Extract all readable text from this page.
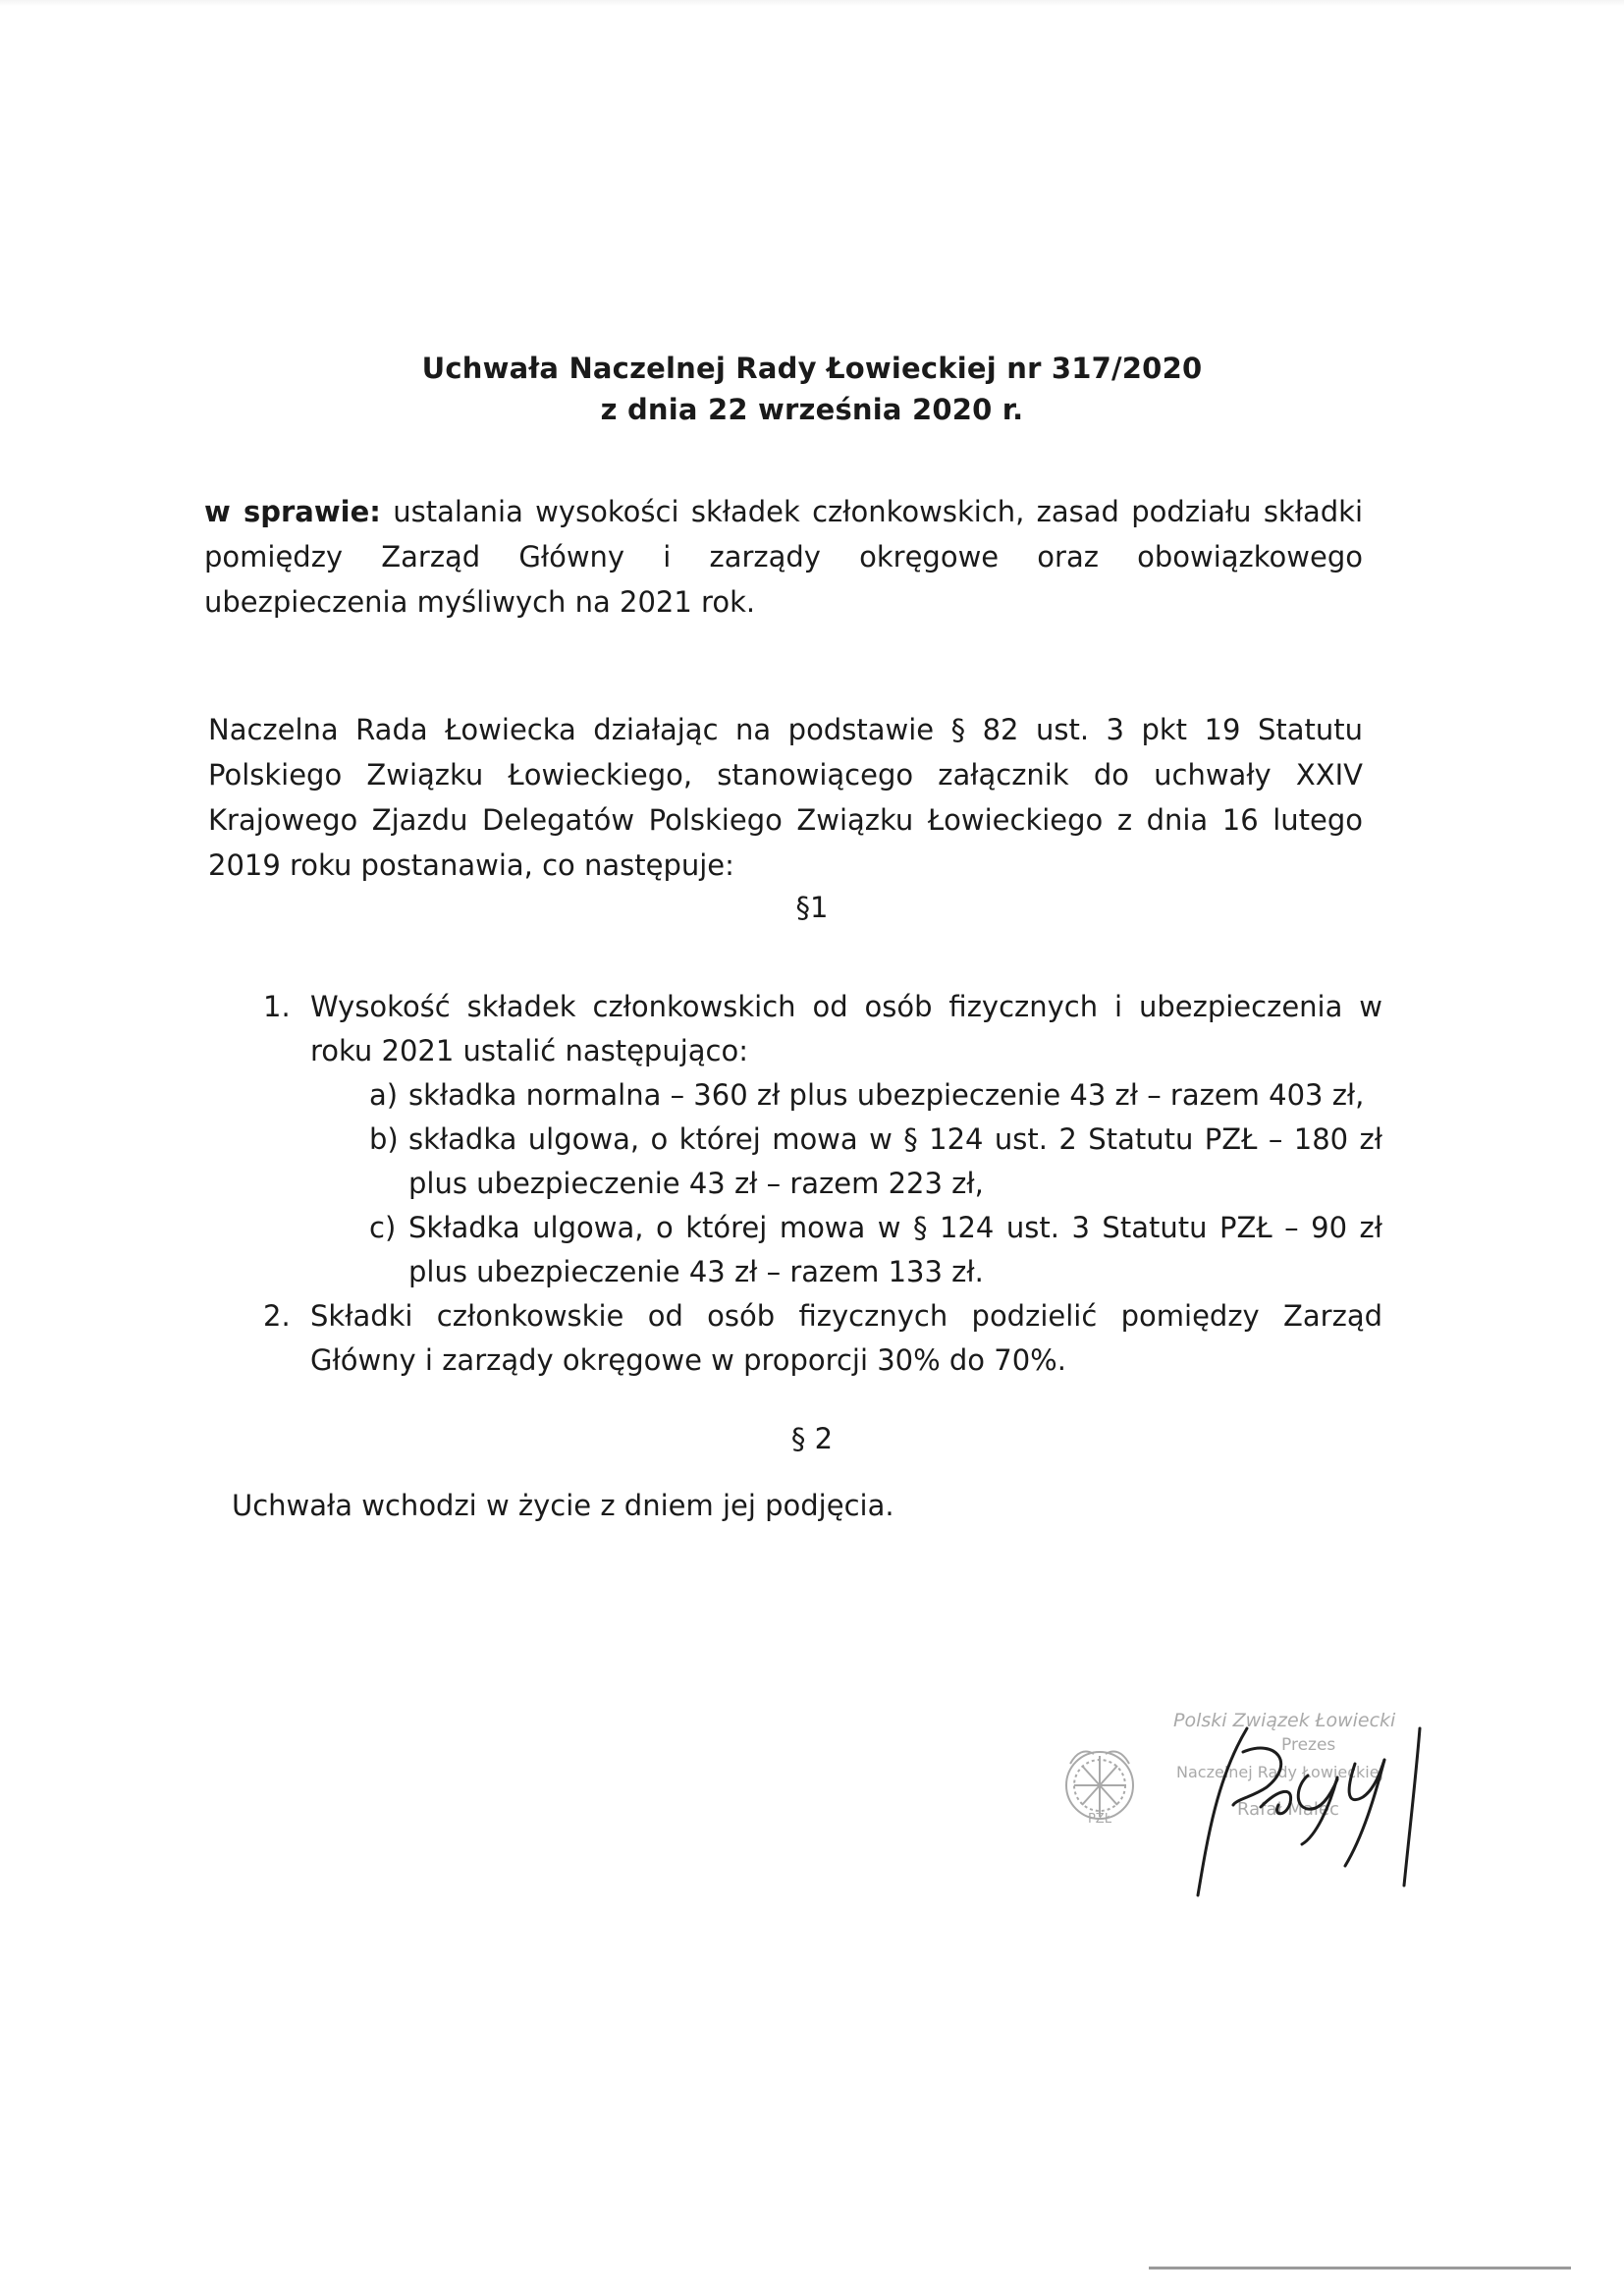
Uchwała Naczelnej Rady Łowieckiej nr 317/2020
z dnia 22 września 2020 r.
w sprawie: ustalania wysokości składek członkowskich, zasad podziału składki pomiędzy Zarząd Główny i zarządy okręgowe oraz obowiązkowego ubezpieczenia myśliwych na 2021 rok.
Naczelna Rada Łowiecka działając na podstawie § 82 ust. 3 pkt 19 Statutu Polskiego Związku Łowieckiego, stanowiącego załącznik do uchwały XXIV Krajowego Zjazdu Delegatów Polskiego Związku Łowieckiego z dnia 16 lutego 2019 roku postanawia, co następuje:
§1
1. Wysokość składek członkowskich od osób fizycznych i ubezpieczenia w roku 2021 ustalić następująco:
a) składka normalna – 360 zł plus ubezpieczenie 43 zł – razem 403 zł,
b) składka ulgowa, o której mowa w § 124 ust. 2 Statutu PZŁ – 180 zł plus ubezpieczenie 43 zł – razem 223 zł,
c) Składka ulgowa, o której mowa w § 124 ust. 3 Statutu PZŁ – 90 zł plus ubezpieczenie 43 zł – razem 133 zł.
2. Składki członkowskie od osób fizycznych podzielić pomiędzy Zarząd Główny i zarządy okręgowe w proporcji 30% do 70%.
§ 2
Uchwała wchodzi w życie z dniem jej podjęcia.
PZŁ
Polski Związek Łowiecki
Prezes
Naczelnej Rady Łowieckiej
Rafał Malec
